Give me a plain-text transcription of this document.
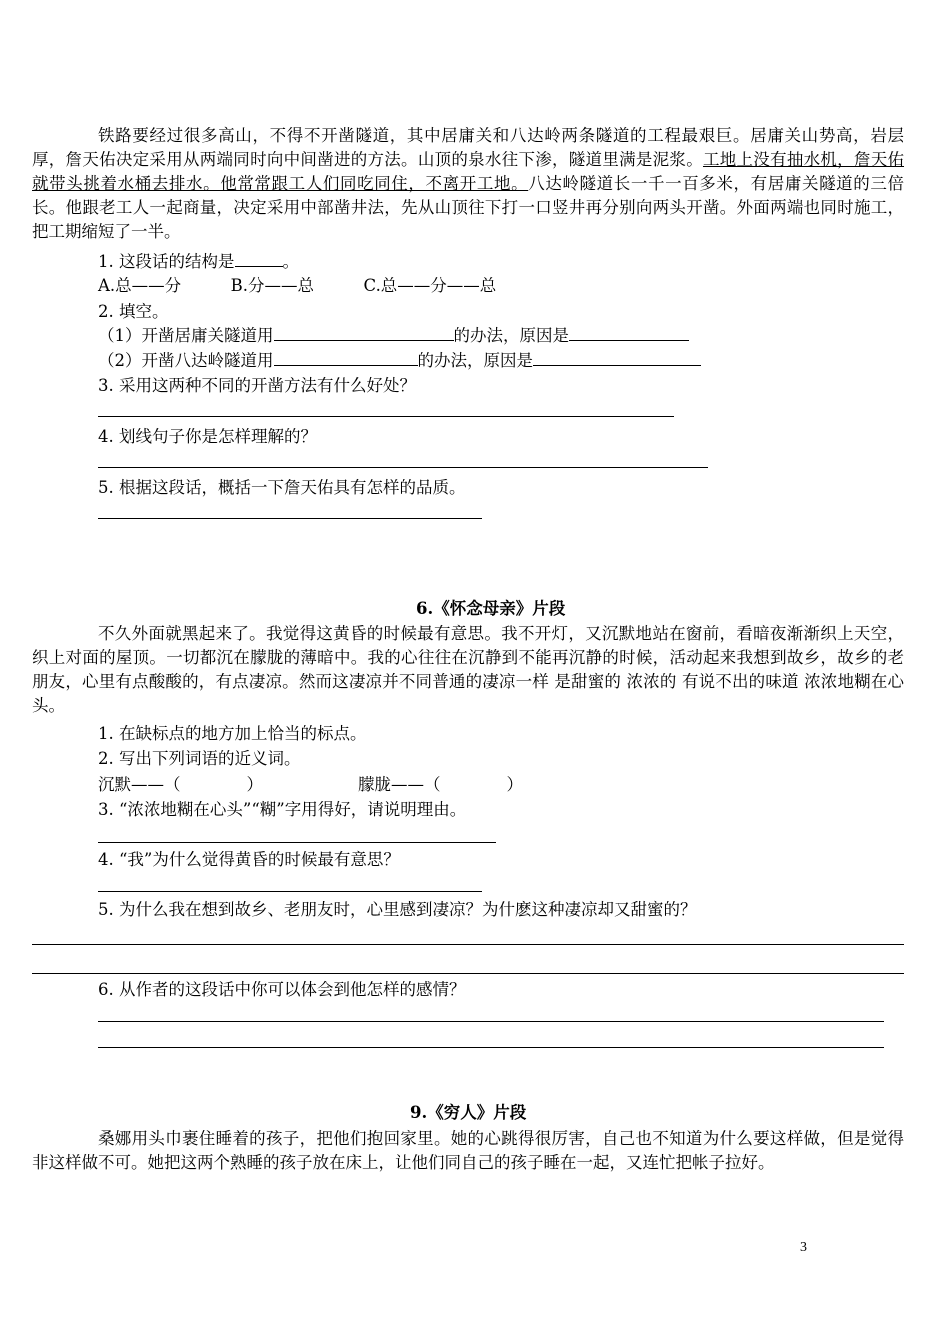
铁路要经过很多高山，不得不开凿隧道，其中居庸关和八达岭两条隧道的工程最艰巨。居庸关山势高，岩层厚，詹天佑决定采用从两端同时向中间凿进的方法。山顶的泉水往下渗，隧道里满是泥浆。工地上没有抽水机，詹天佑就带头挑着水桶去排水。他常常跟工人们同吃同住，不离开工地。八达岭隧道长一千一百多米，有居庸关隧道的三倍长。他跟老工人一起商量，决定采用中部凿井法，先从山顶往下打一口竖井再分别向两头开凿。外面两端也同时施工，把工期缩短了一半。
1. 这段话的结构是	。
A.总——分　　　B.分——总　　　C.总——分——总
2. 填空。
（1）开凿居庸关隧道用	的办法，原因是
（2）开凿八达岭隧道用	的办法，原因是
3. 采用这两种不同的开凿方法有什么好处？
4. 划线句子你是怎样理解的？
5. 根据这段话，概括一下詹天佑具有怎样的品质。
6.《怀念母亲》片段
不久外面就黑起来了。我觉得这黄昏的时候最有意思。我不开灯，又沉默地站在窗前，看暗夜渐渐织上天空，织上对面的屋顶。一切都沉在朦胧的薄暗中。我的心往往在沉静到不能再沉静的时候，活动起来我想到故乡，故乡的老朋友，心里有点酸酸的，有点凄凉。然而这凄凉并不同普通的凄凉一样 是甜蜜的 浓浓的 有说不出的味道 浓浓地糊在心头。
1. 在缺标点的地方加上恰当的标点。
2. 写出下列词语的近义词。
沉默——（　　　　）	朦胧——（　　　　）
3. “浓浓地糊在心头”“糊”字用得好，请说明理由。
4. “我”为什么觉得黄昏的时候最有意思？
5. 为什么我在想到故乡、老朋友时，心里感到凄凉？为什麽这种凄凉却又甜蜜的？
6. 从作者的这段话中你可以体会到他怎样的感情？
9.《穷人》片段
桑娜用头巾裹住睡着的孩子，把他们抱回家里。她的心跳得很厉害，自己也不知道为什么要这样做，但是觉得非这样做不可。她把这两个熟睡的孩子放在床上，让他们同自己的孩子睡在一起，又连忙把帐子拉好。
3
